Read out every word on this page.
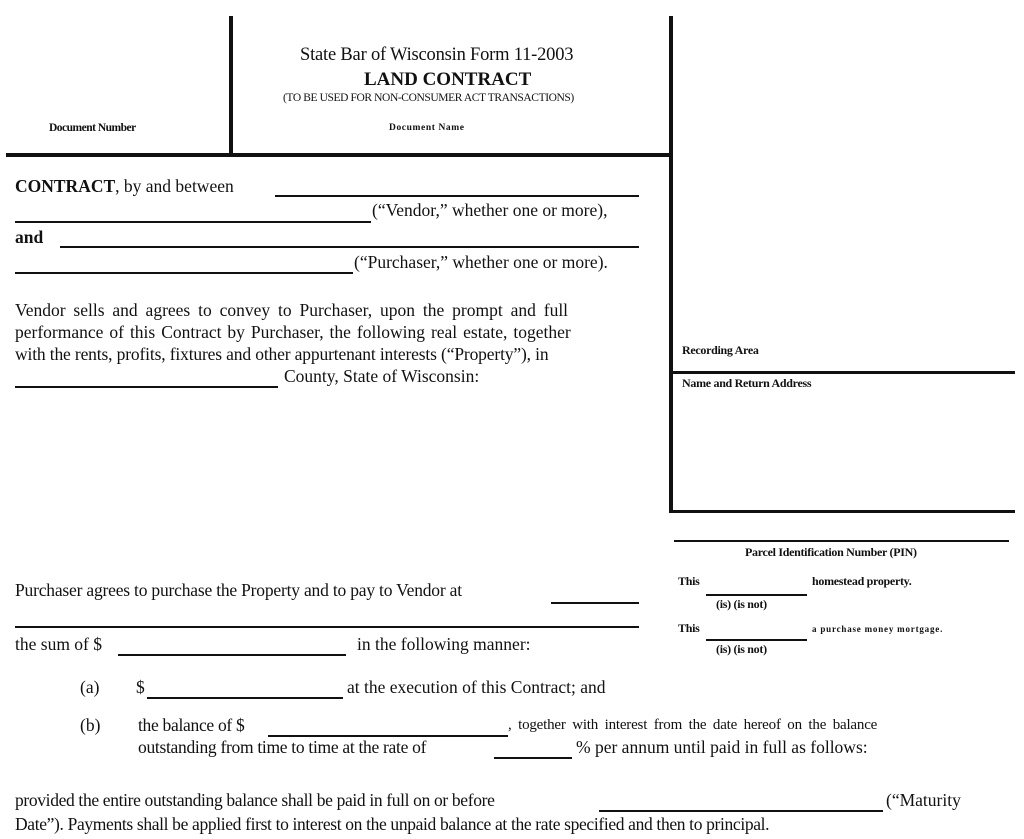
State Bar of Wisconsin Form 11-2003
LAND CONTRACT
(TO BE USED FOR NON-CONSUMER ACT TRANSACTIONS)
Document Number	Document Name
CONTRACT, by and between
(“Vendor,” whether one or more),
and
(“Purchaser,” whether one or more).
Vendor sells and agrees to convey to Purchaser, upon the prompt and full
performance of this Contract by Purchaser, the following real estate, together
with the rents, profits, fixtures and other appurtenant interests (“Property”), in
County, State of Wisconsin:
Recording Area
Name and Return Address
Parcel Identification Number (PIN)
This	homestead property.
(is) (is not)
This	a purchase money mortgage.
(is) (is not)
Purchaser agrees to purchase the Property and to pay to Vendor at
the sum of $	in the following manner:
(a) $	at the execution of this Contract; and
(b) the balance of $	, together with interest from the date hereof on the balance
outstanding from time to time at the rate of	% per annum until paid in full as follows:
provided the entire outstanding balance shall be paid in full on or before	(“Maturity
Date”). Payments shall be applied first to interest on the unpaid balance at the rate specified and then to principal.
